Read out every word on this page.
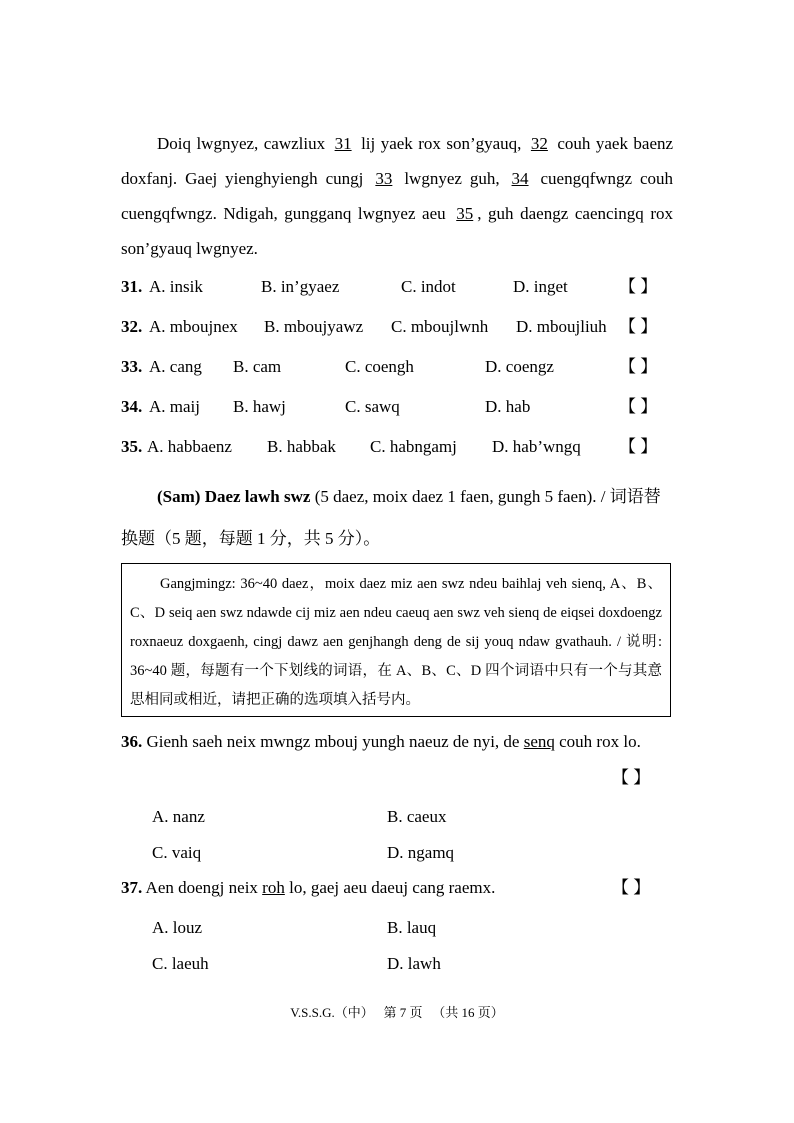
Doiq lwgnyez, cawzliux 31 lij yaek rox son’gyauq, 32 couh yaek baenz doxfanj. Gaej yienghyiengh cungj 33 lwgnyez guh, 34 cuengqfwngz couh cuengqfwngz. Ndigah, gungganq lwgnyez aeu 35 , guh daengz caencingq rox son’gyauq lwgnyez.
31. A. insik	B. in’gyaez	C. indot	D. inget	【 】
32. A. mboujnex B. mboujyawz C. mboujlwnh D. mboujliuh 【 】
33. A. cang B. cam	C. coengh	D. coengz	【 】
34. A. maij B. hawj	C. sawq	D. hab	【 】
35. A. habbaenz B. habbak C. habngamj D. hab’wngq 【 】
(Sam) Daez lawh swz (5 daez, moix daez 1 faen, gungh 5 faen). / 词语替换题（5 题，每题 1 分，共 5 分）。
Gangjmingz: 36~40 daez，moix daez miz aen swz ndeu baihlaj veh sienq, A、B、C、D seiq aen swz ndawde cij miz aen ndeu caeuq aen swz veh sienq de eiqsei doxdoengz roxnaeuz doxgaenh, cingj dawz aen genjhangh deng de sij youq ndaw gvathauh. / 说明: 36~40 题，每题有一个下划线的词语，在 A、B、C、D 四个词语中只有一个与其意思相同或相近，请把正确的选项填入括号内。
36. Gienh saeh neix mwngz mbouj yungh naeuz de nyi, de senq couh rox lo.
【 】
A. nanz	B. caeux
C. vaiq	D. ngamq
37. Aen doengj neix roh lo, gaej aeu daeuj cang raemx.	【 】
A. louz	B. lauq
C. laeuh	D. lawh
V.S.S.G.（中）   第 7 页   （共 16 页）
